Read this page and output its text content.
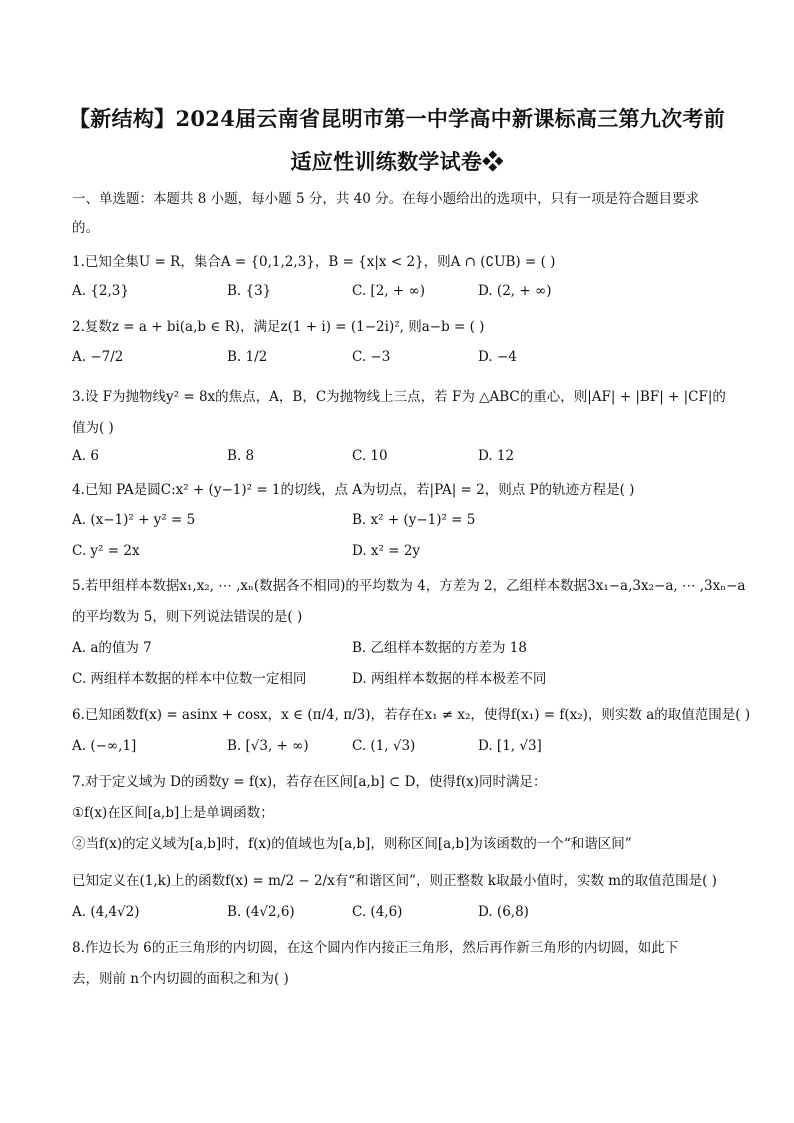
【新结构】2024届云南省昆明市第一中学高中新课标高三第九次考前
适应性训练数学试卷❖
一、单选题：本题共 8 小题，每小题 5 分，共 40 分。在每小题给出的选项中，只有一项是符合题目要求
的。
1.已知全集U = R，集合A = {0,1,2,3}，B = {x|x < 2}，则A ∩ (∁UB) = ( )
A. {2,3}	B. {3}	C. [2, + ∞)	D. (2, + ∞)
2.复数z = a + bi(a,b ∈ R)，满足z(1 + i) = (1−2i)², 则a−b = ( )
A. −7/2	B. 1/2	C. −3	D. −4
3.设 F为抛物线y² = 8x的焦点，A，B，C为抛物线上三点，若 F为 △ABC的重心，则|AF| + |BF| + |CF|的
值为( )
A. 6	B. 8	C. 10	D. 12
4.已知 PA是圆C:x² + (y−1)² = 1的切线，点 A为切点，若|PA| = 2，则点 P的轨迹方程是( )
A. (x−1)² + y² = 5	B. x² + (y−1)² = 5
C. y² = 2x	D. x² = 2y
5.若甲组样本数据x₁,x₂, ⋯ ,xₙ(数据各不相同)的平均数为 4，方差为 2，乙组样本数据3x₁−a,3x₂−a, ⋯ ,3xₙ−a
的平均数为 5，则下列说法错误的是( )
A. a的值为 7	B. 乙组样本数据的方差为 18
C. 两组样本数据的样本中位数一定相同	D. 两组样本数据的样本极差不同
6.已知函数f(x) = asinx + cosx，x ∈ (π/4, π/3)，若存在x₁ ≠ x₂，使得f(x₁) = f(x₂)，则实数 a的取值范围是( )
A. (−∞,1]	B. [√3, + ∞)	C. (1, √3)	D. [1, √3]
7.对于定义域为 D的函数y = f(x)，若存在区间[a,b] ⊂ D，使得f(x)同时满足：
①f(x)在区间[a,b]上是单调函数；
②当f(x)的定义域为[a,b]时，f(x)的值域也为[a,b]，则称区间[a,b]为该函数的一个“和谐区间”
已知定义在(1,k)上的函数f(x) = m/2 − 2/x有“和谐区间”，则正整数 k取最小值时，实数 m的取值范围是( )
A. (4,4√2)	B. (4√2,6)	C. (4,6)	D. (6,8)
8.作边长为 6的正三角形的内切圆，在这个圆内作内接正三角形，然后再作新三角形的内切圆，如此下
去，则前 n个内切圆的面积之和为( )
